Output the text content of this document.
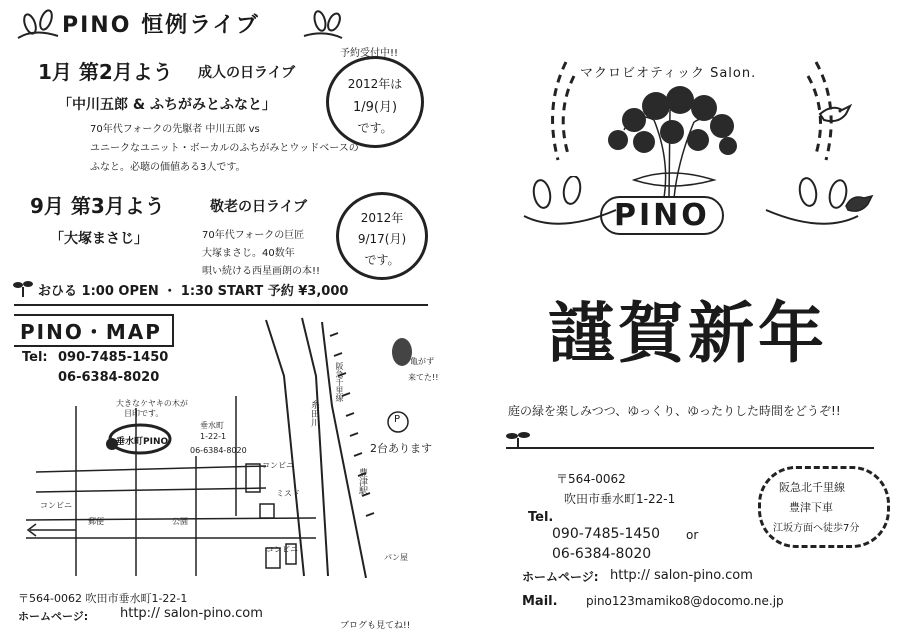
PINO 恒例ライブ
1月 第2月よう 成人の日ライブ
「中川五郎 & ふちがみとふなと」
70年代フォークの先駆者 中川五郎 vs
ユニークなユニット・ボーカルのふちがみとウッドベースの
ふなと。必聴の価値ある3人です。
予約受付中!!
2012年は
1/9(月)
です。
9月 第3月よう	敬老の日ライブ
「大塚まさじ」	70年代フォークの巨匠
大塚まさじ。40数年
唄い続ける西星画朗の本!!
2012年
9/17(月)
です。
おひる 1:00 OPEN ・ 1:30 START 予約 ¥3,000
PINO・MAP
Tel: 090-7485-1450
06-6384-8020
大きなケヤキの木が
目印です。
垂水町PINO
垂水町
1-22-1
06-6384-8020
糸田川
阪急千里線
P
2台あります
亀がず
来てた!!
豊津駅
コンビニ
郵便	公園
コンビニ
ミスド
コンビニ
パン屋
〒564-0062 吹田市垂水町1-22-1
ホームページ: http:// salon-pino.com
ブログも見てね!!
マクロビオティック Salon.
PINO
謹賀新年
庭の緑を楽しみつつ、ゆっくり、ゆったりした時間をどうぞ!!
〒564-0062
吹田市垂水町1-22-1
Tel.
090-7485-1450 or
06-6384-8020
ホームページ: http:// salon-pino.com
Mail. pino123mamiko8@docomo.ne.jp
阪急北千里線
豊津下車
江坂方面へ徒歩7分
